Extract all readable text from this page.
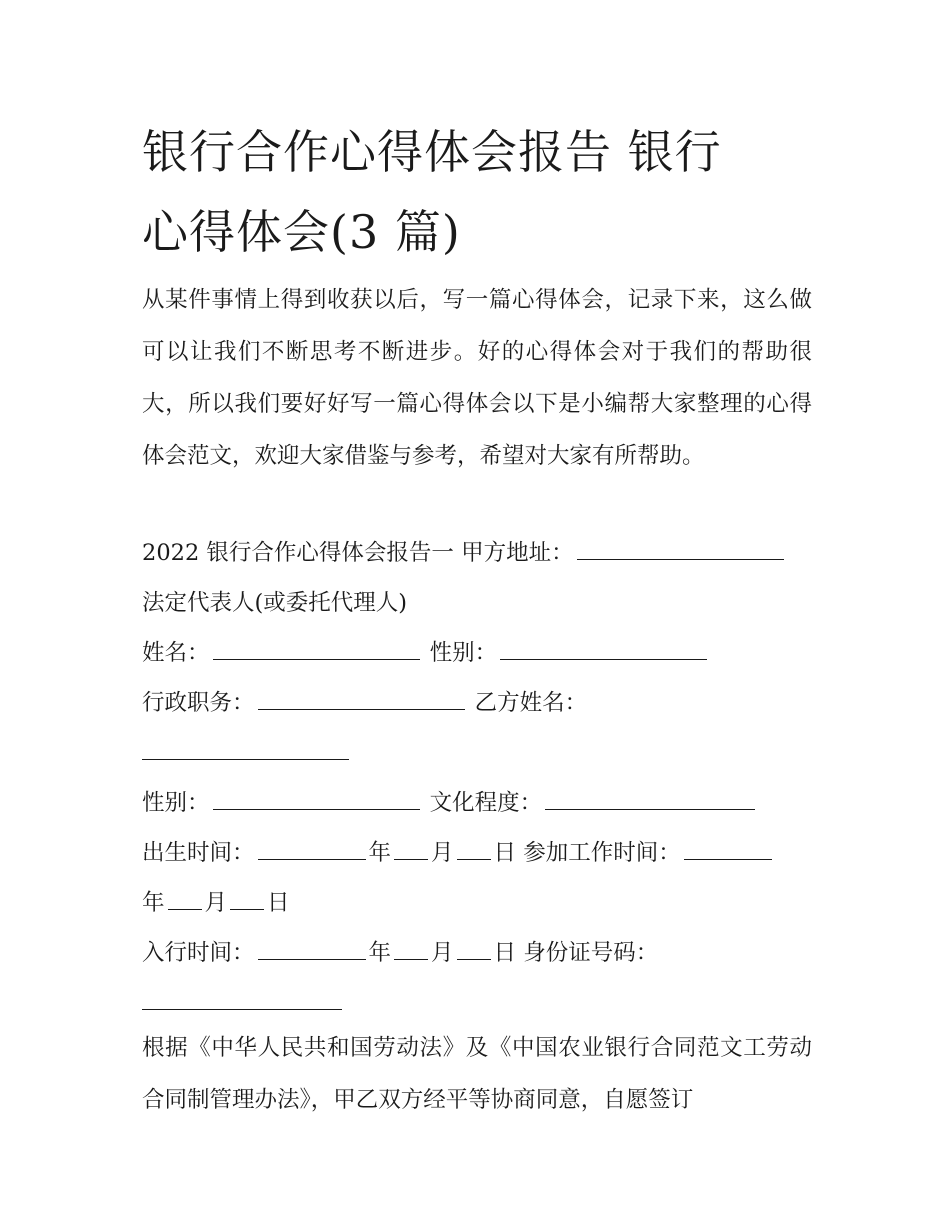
银行合作心得体会报告 银行
心得体会(3 篇)

从某件事情上得到收获以后，写一篇心得体会，记录下来，这么做可以让我们不断思考不断进步。好的心得体会对于我们的帮助很大，所以我们要好好写一篇心得体会以下是小编帮大家整理的心得体会范文，欢迎大家借鉴与参考，希望对大家有所帮助。

2022 银行合作心得体会报告一 甲方地址：
法定代表人(或委托代理人)
姓名：	性别：
行政职务：	乙方姓名：
性别：	文化程度：
出生时间：	年 月 日 参加工作时间：
年 月 日
入行时间：	年 月 日 身份证号码：

根据《中华人民共和国劳动法》及《中国农业银行合同范文工劳动合同制管理办法》，甲乙双方经平等协商同意，自愿签订
